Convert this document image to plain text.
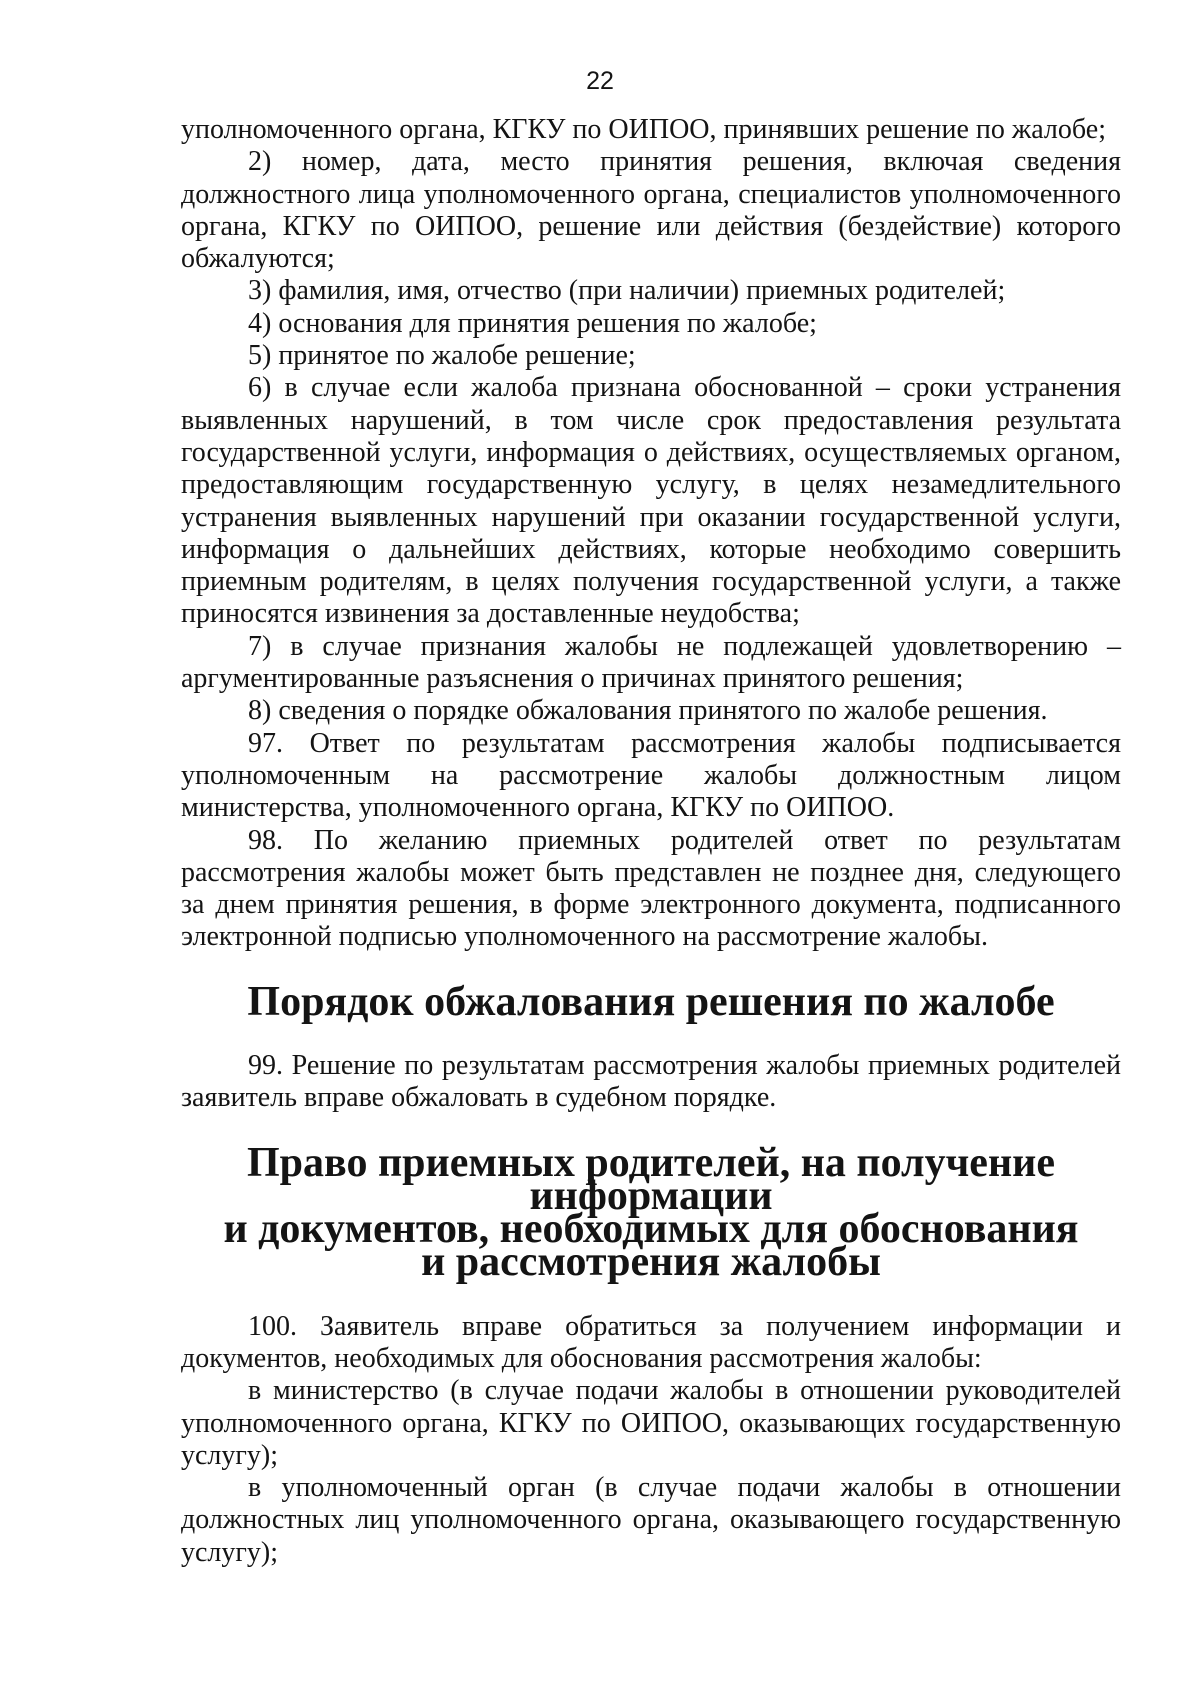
22

уполномоченного органа, КГКУ по ОИПОО, принявших решение по жалобе;

2) номер, дата, место принятия решения, включая сведения должностного лица уполномоченного органа, специалистов уполномоченного органа, КГКУ по ОИПОО, решение или действия (бездействие) которого обжалуются;

3) фамилия, имя, отчество (при наличии) приемных родителей;

4) основания для принятия решения по жалобе;

5) принятое по жалобе решение;

6) в случае если жалоба признана обоснованной – сроки устранения выявленных нарушений, в том числе срок предоставления результата государственной услуги, информация о действиях, осуществляемых органом, предоставляющим государственную услугу, в целях незамедлительного устранения выявленных нарушений при оказании государственной услуги, информация о дальнейших действиях, которые необходимо совершить приемным родителям, в целях получения государственной услуги, а также приносятся извинения за доставленные неудобства;

7) в случае признания жалобы не подлежащей удовлетворению – аргументированные разъяснения о причинах принятого решения;

8) сведения о порядке обжалования принятого по жалобе решения.

97. Ответ по результатам рассмотрения жалобы подписывается уполномоченным на рассмотрение жалобы должностным лицом министерства, уполномоченного органа, КГКУ по ОИПОО.

98. По желанию приемных родителей ответ по результатам рассмотрения жалобы может быть представлен не позднее дня, следующего за днем принятия решения, в форме электронного документа, подписанного электронной подписью уполномоченного на рассмотрение жалобы.

Порядок обжалования решения по жалобе

99. Решение по результатам рассмотрения жалобы приемных родителей заявитель вправе обжаловать в судебном порядке.

Право приемных родителей, на получение информации
и документов, необходимых для обоснования
и рассмотрения жалобы

100. Заявитель вправе обратиться за получением информации и документов, необходимых для обоснования рассмотрения жалобы:

в министерство (в случае подачи жалобы в отношении руководителей уполномоченного органа, КГКУ по ОИПОО, оказывающих государственную услугу);

в уполномоченный орган (в случае подачи жалобы в отношении должностных лиц уполномоченного органа, оказывающего государственную услугу);
